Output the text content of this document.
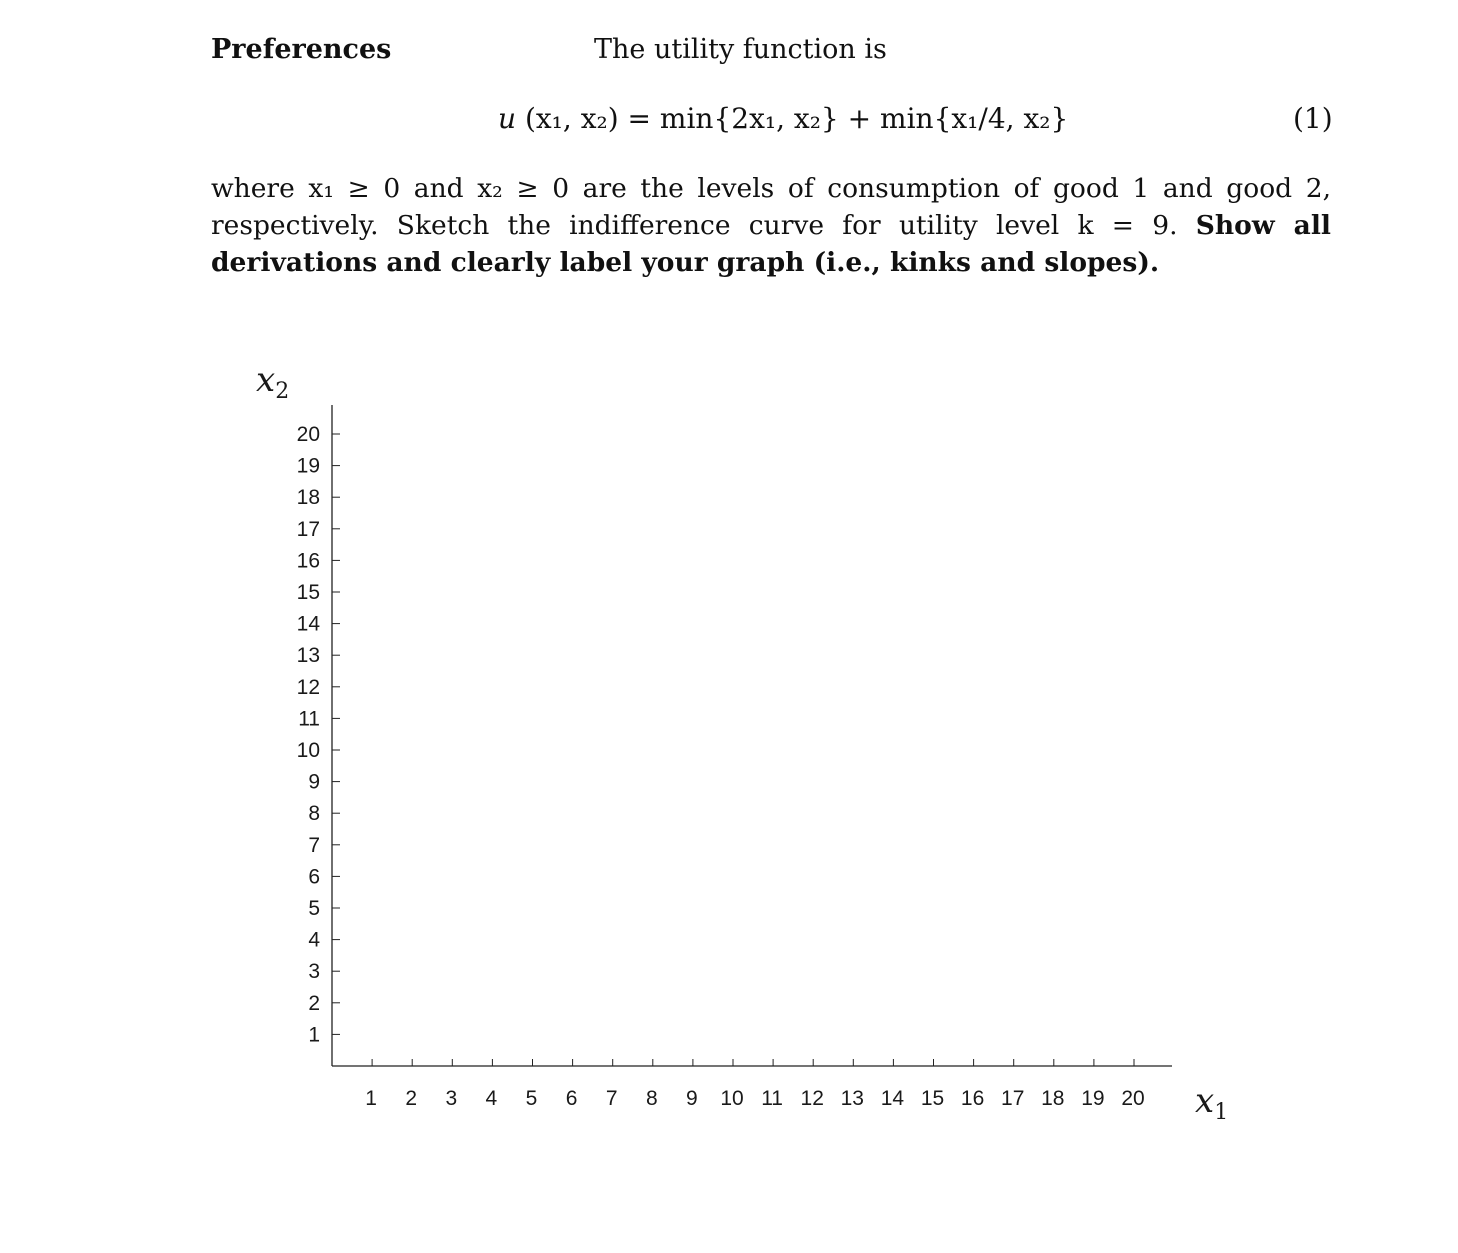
Preferences	The utility function is
u (x₁, x₂) = min{2x₁, x₂} + min{x₁/4, x₂}	(1)
where x₁ ≥ 0 and x₂ ≥ 0 are the levels of consumption of good 1 and good 2, respectively. Sketch the indifference curve for utility level k = 9. Show all derivations and clearly label your graph (i.e., kinks and slopes).
1 2 3 4 5 6 7 8 9 10 11 12 13 14 15 16 17 18 19 20
1
2
3
4
5
6
7
8
9
10
11
12
13
14
15
16
17
18
19
20
$x_2$
$x_1$
